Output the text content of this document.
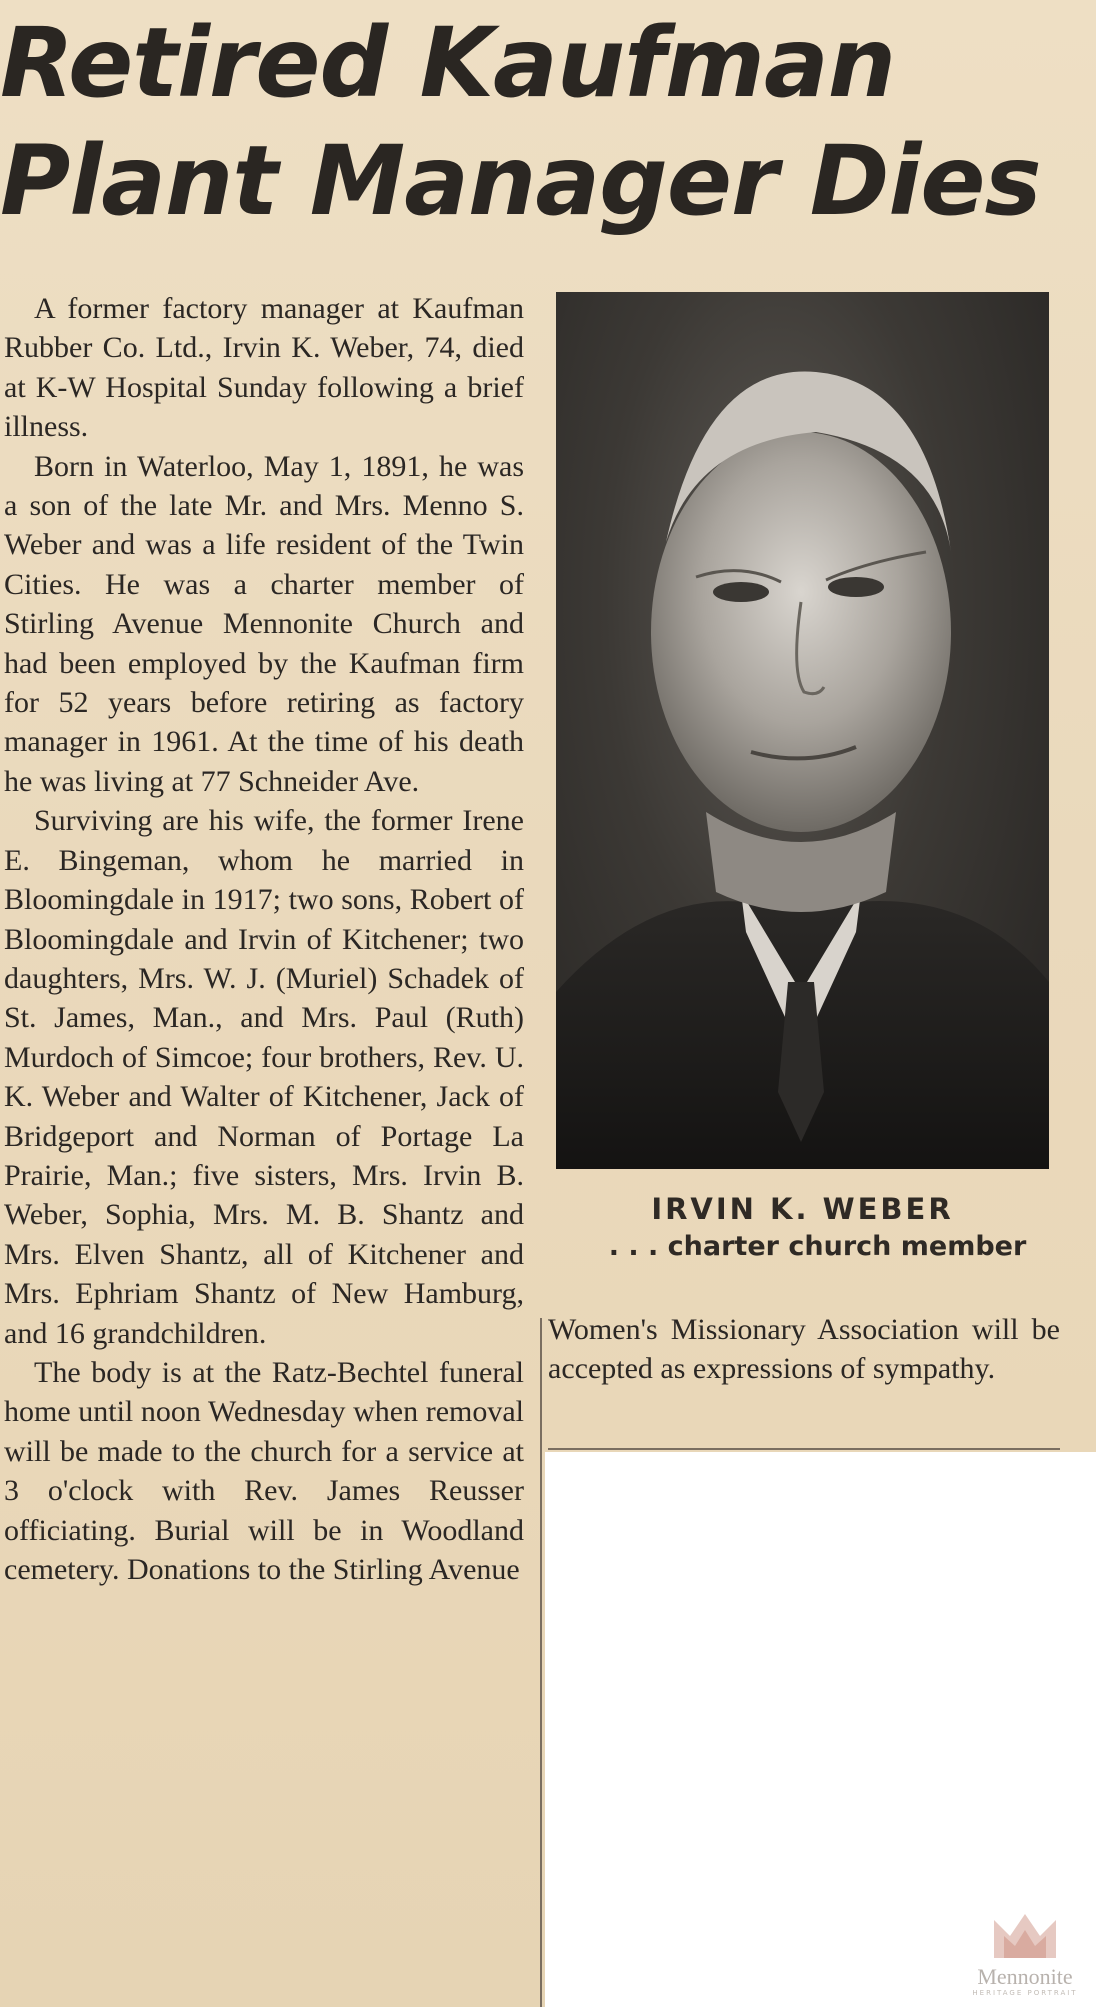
Retired Kaufman
Plant Manager Dies

A former factory manager at Kaufman Rubber Co. Ltd., Irvin K. Weber, 74, died at K-W Hospital Sunday following a brief illness.

Born in Waterloo, May 1, 1891, he was a son of the late Mr. and Mrs. Menno S. Weber and was a life resident of the Twin Cities. He was a charter member of Stirling Avenue Mennonite Church and had been employed by the Kaufman firm for 52 years before retiring as factory manager in 1961. At the time of his death he was living at 77 Schneider Ave.

Surviving are his wife, the former Irene E. Bingeman, whom he married in Bloomingdale in 1917; two sons, Robert of Bloomingdale and Irvin of Kitchener; two daughters, Mrs. W. J. (Muriel) Schadek of St. James, Man., and Mrs. Paul (Ruth) Murdoch of Simcoe; four brothers, Rev. U. K. Weber and Walter of Kitchener, Jack of Bridgeport and Norman of Portage La Prairie, Man.; five sisters, Mrs. Irvin B. Weber, Sophia, Mrs. M. B. Shantz and Mrs. Elven Shantz, all of Kitchener and Mrs. Ephriam Shantz of New Hamburg, and 16 grandchildren.

The body is at the Ratz-Bechtel funeral home until noon Wednesday when removal will be made to the church for a service at 3 o'clock with Rev. James Reusser officiating. Burial will be in Woodland cemetery. Donations to the Stirling Avenue

IRVIN K. WEBER
. . . charter church member

Women's Missionary Association will be accepted as expressions of sympathy.

Mennonite
HERITAGE PORTRAIT
